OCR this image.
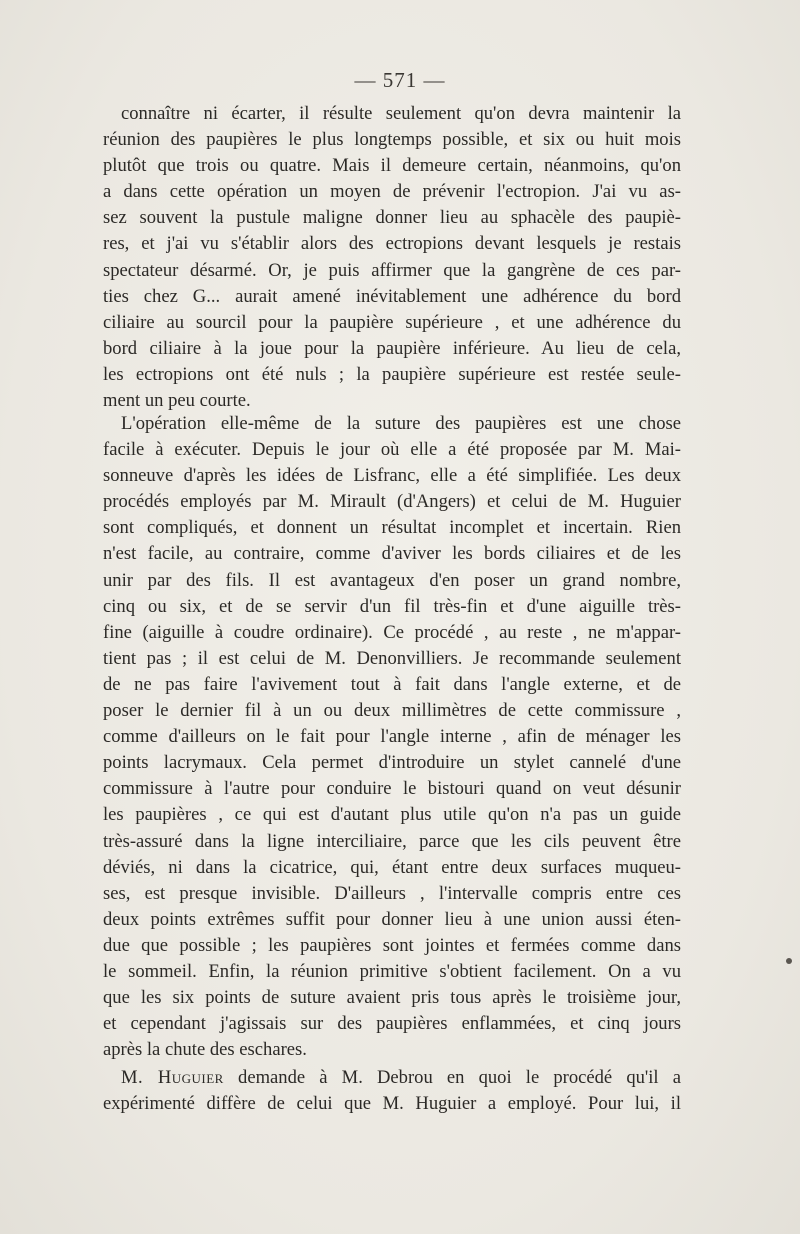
— 571 —

connaître ni écarter, il résulte seulement qu'on devra maintenir la
réunion des paupières le plus longtemps possible, et six ou huit mois
plutôt que trois ou quatre. Mais il demeure certain, néanmoins, qu'on
a dans cette opération un moyen de prévenir l'ectropion. J'ai vu as-
sez souvent la pustule maligne donner lieu au sphacèle des paupiè-
res, et j'ai vu s'établir alors des ectropions devant lesquels je restais
spectateur désarmé. Or, je puis affirmer que la gangrène de ces par-
ties chez G... aurait amené inévitablement une adhérence du bord
ciliaire au sourcil pour la paupière supérieure , et une adhérence du
bord ciliaire à la joue pour la paupière inférieure. Au lieu de cela,
les ectropions ont été nuls ; la paupière supérieure est restée seule-
ment un peu courte.

L'opération elle-même de la suture des paupières est une chose
facile à exécuter. Depuis le jour où elle a été proposée par M. Mai-
sonneuve d'après les idées de Lisfranc, elle a été simplifiée. Les deux
procédés employés par M. Mirault (d'Angers) et celui de M. Huguier
sont compliqués, et donnent un résultat incomplet et incertain. Rien
n'est facile, au contraire, comme d'aviver les bords ciliaires et de les
unir par des fils. Il est avantageux d'en poser un grand nombre,
cinq ou six, et de se servir d'un fil très-fin et d'une aiguille très-
fine (aiguille à coudre ordinaire). Ce procédé , au reste , ne m'appar-
tient pas ; il est celui de M. Denonvilliers. Je recommande seulement
de ne pas faire l'avivement tout à fait dans l'angle externe, et de
poser le dernier fil à un ou deux millimètres de cette commissure ,
comme d'ailleurs on le fait pour l'angle interne , afin de ménager les
points lacrymaux. Cela permet d'introduire un stylet cannelé d'une
commissure à l'autre pour conduire le bistouri quand on veut désunir
les paupières , ce qui est d'autant plus utile qu'on n'a pas un guide
très-assuré dans la ligne interciliaire, parce que les cils peuvent être
déviés, ni dans la cicatrice, qui, étant entre deux surfaces muqueu-
ses, est presque invisible. D'ailleurs , l'intervalle compris entre ces
deux points extrêmes suffit pour donner lieu à une union aussi éten-
due que possible ; les paupières sont jointes et fermées comme dans
le sommeil. Enfin, la réunion primitive s'obtient facilement. On a vu
que les six points de suture avaient pris tous après le troisième jour,
et cependant j'agissais sur des paupières enflammées, et cinq jours
après la chute des eschares.

M. Huguier demande à M. Debrou en quoi le procédé qu'il a
expérimenté diffère de celui que M. Huguier a employé. Pour lui, il
